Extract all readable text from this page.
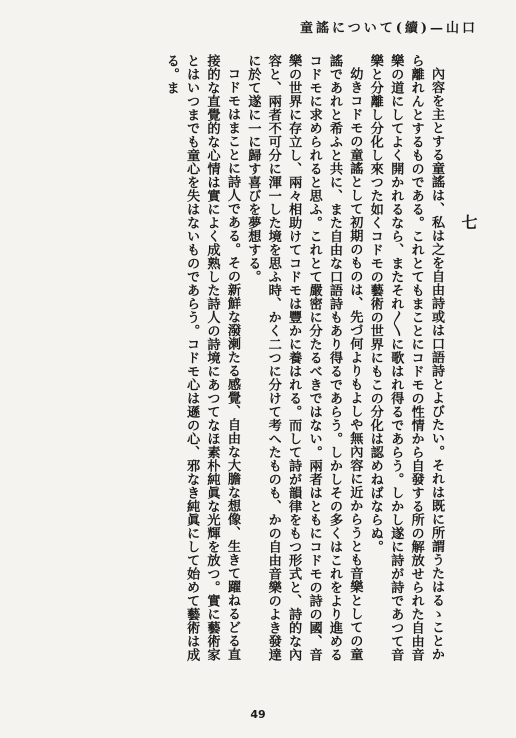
童謠について(續)—山口
七

內容を主とする童謠は、私は之を自由詩或は口語詩とよびたい。それは既に所謂うたはるゝことから離れんとするものである。これとてもまことにコドモの性情から自發する所の解放せられた自由音樂の道にしてよく開かれるなら、またそれ〳〵に歌はれ得るであらう。しかし遂に詩が詩であつて音樂と分離し分化し來つた如くコドモの藝術の世界にもこの分化は認めねばならぬ。

幼きコドモの童謠として初期のものは、先づ何よりもよしや無內容に近からうとも音樂としての童謠であれと希ふと共に、また自由な口語詩もあり得るであらう。しかしその多くはこれをより進めるコドモに求められると思ふ。これとて嚴密に分たるべきではない。兩者はともにコドモの詩の國、音樂の世界に存立し、兩々相助けてコドモは豐かに養はれる。而して詩が韻律をもつ形式と、詩的な內容と、兩者不可分に渾一した境を思ふ時、かく二つに分けて考へたものも、かの自由音樂のよき發達に於て遂に一に歸す喜びを夢想する。

コドモはまことに詩人である。その新鮮な潑溂たる感覺、自由な大膽な想像、生きて躍ねるどる直接的な直覺的な心情は實によく成熟した詩人の詩境にあつてなほ素朴純眞な光輝を放つ。實に藝術家とはいつまでも童心を失はないものであらう。コドモ心は遜の心、邪なき純眞にして始めて藝術は成る。ま

49
